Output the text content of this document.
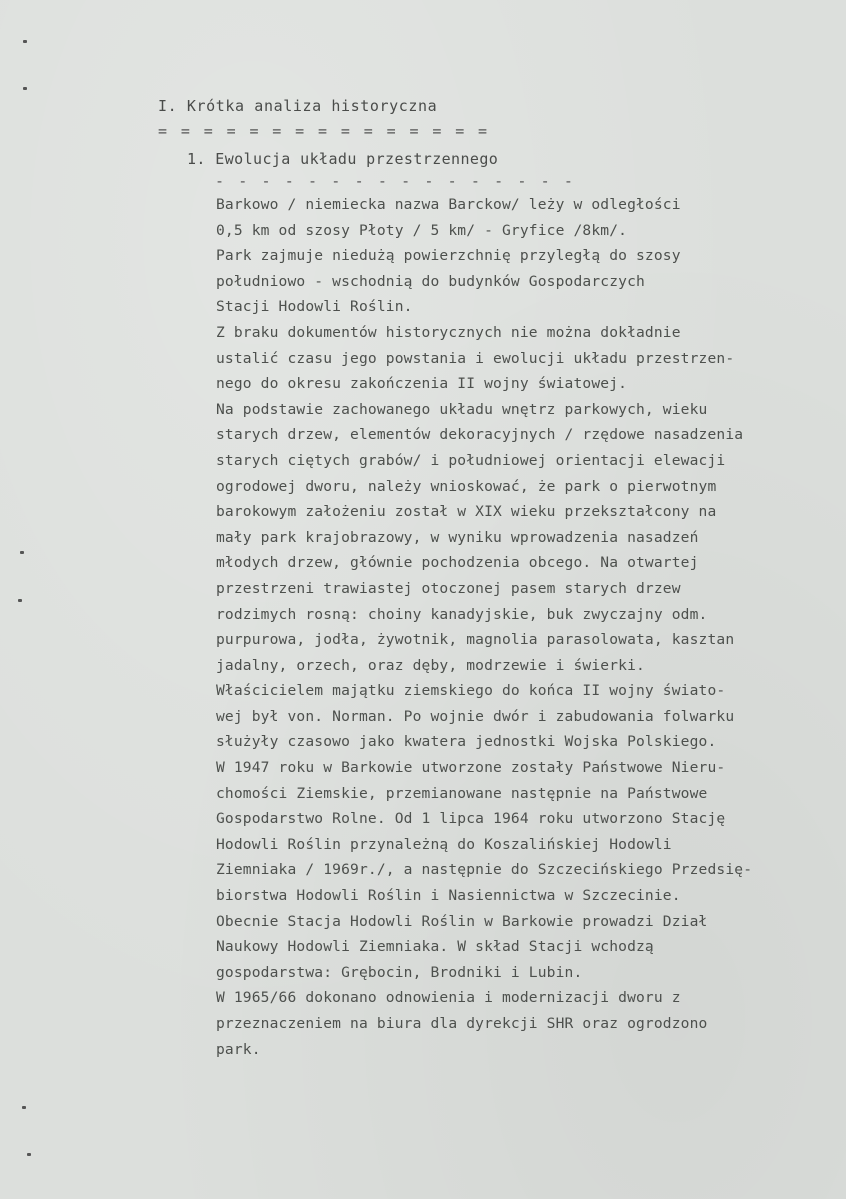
I. Krótka analiza historyczna
= = = = = = = = = = = = = = =
1. Ewolucja układu przestrzennego
- - - - - - - - - - - - - - - -
Barkowo / niemiecka nazwa Barckow/ leży w odległości
0,5 km od szosy Płoty / 5 km/ - Gryfice /8km/.
Park zajmuje niedużą powierzchnię przyległą do szosy
południowo - wschodnią do budynków Gospodarczych
Stacji Hodowli Roślin.
Z braku dokumentów historycznych nie można dokładnie
ustalić czasu jego powstania i ewolucji układu przestrzen-
nego do okresu zakończenia II wojny światowej.
Na podstawie zachowanego układu wnętrz parkowych, wieku
starych drzew, elementów dekoracyjnych / rzędowe nasadzenia
starych ciętych grabów/ i południowej orientacji elewacji
ogrodowej dworu, należy wnioskować, że park o pierwotnym
barokowym założeniu został w XIX wieku przekształcony na
mały park krajobrazowy, w wyniku wprowadzenia nasadzeń
młodych drzew, głównie pochodzenia obcego. Na otwartej
przestrzeni trawiastej otoczonej pasem starych drzew
rodzimych rosną: choiny kanadyjskie, buk zwyczajny odm.
purpurowa, jodła, żywotnik, magnolia parasolowata, kasztan
jadalny, orzech, oraz dęby, modrzewie i świerki.
Właścicielem majątku ziemskiego do końca II wojny świato-
wej był von. Norman. Po wojnie dwór i zabudowania folwarku
służyły czasowo jako kwatera jednostki Wojska Polskiego.
W 1947 roku w Barkowie utworzone zostały Państwowe Nieru-
chomości Ziemskie, przemianowane następnie na Państwowe
Gospodarstwo Rolne. Od 1 lipca 1964 roku utworzono Stację
Hodowli Roślin przynależną do Koszalińskiej Hodowli
Ziemniaka / 1969r./, a następnie do Szczecińskiego Przedsię-
biorstwa Hodowli Roślin i Nasiennictwa w Szczecinie.
Obecnie Stacja Hodowli Roślin w Barkowie prowadzi Dział
Naukowy Hodowli Ziemniaka. W skład Stacji wchodzą
gospodarstwa: Grębocin, Brodniki i Lubin.
W 1965/66 dokonano odnowienia i modernizacji dworu z
przeznaczeniem na biura dla dyrekcji SHR oraz ogrodzono
park.
